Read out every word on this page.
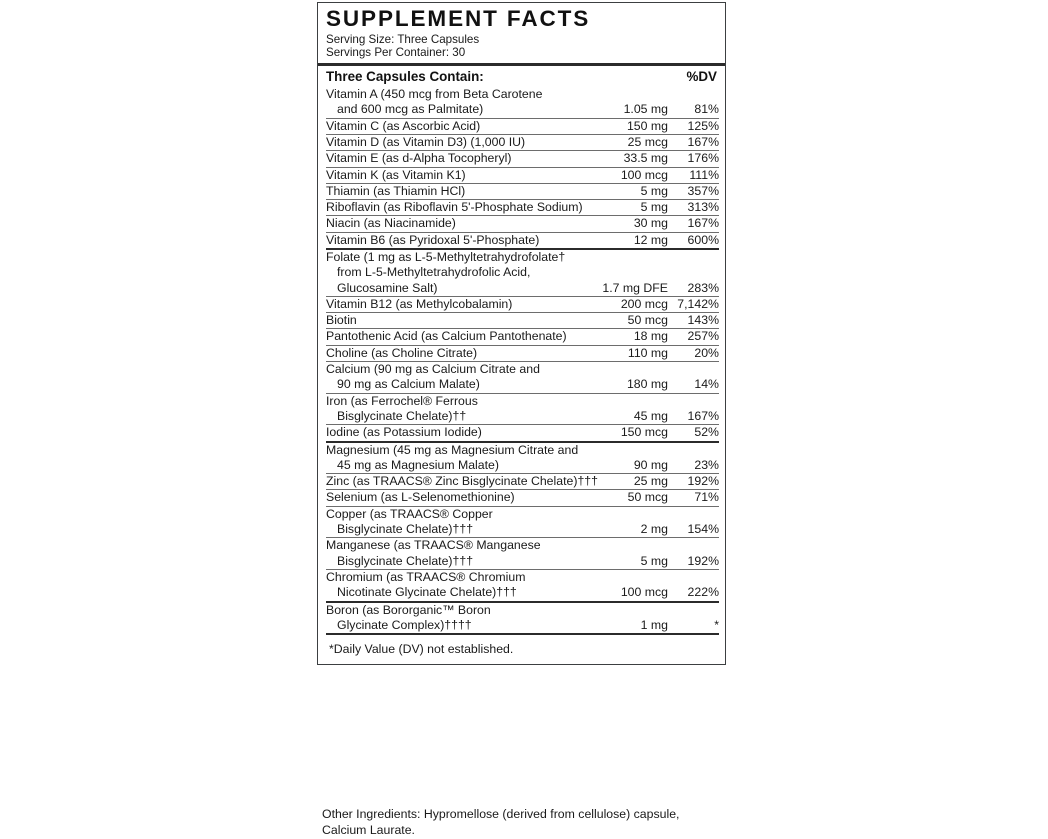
SUPPLEMENT FACTS
Serving Size: Three Capsules
Servings Per Container: 30
Three Capsules Contain:	%DV
Vitamin A (450 mcg from Beta Carotene
and 600 mcg as Palmitate)	1.05 mg	81%

Vitamin C (as Ascorbic Acid)	150 mg	125%

Vitamin D (as Vitamin D3) (1,000 IU)	25 mcg	167%

Vitamin E (as d-Alpha Tocopheryl)	33.5 mg	176%

Vitamin K (as Vitamin K1)	100 mcg	111%

Thiamin (as Thiamin HCl)	5 mg	357%

Riboflavin (as Riboflavin 5'-Phosphate Sodium)	5 mg	313%

Niacin (as Niacinamide)	30 mg	167%

Vitamin B6 (as Pyridoxal 5'-Phosphate)	12 mg	600%

Folate (1 mg as L-5-Methyltetrahydrofolate†
from L-5-Methyltetrahydrofolic Acid,
Glucosamine Salt)	1.7 mg DFE	283%

Vitamin B12 (as Methylcobalamin)	200 mcg	7,142%

Biotin	50 mcg	143%

Pantothenic Acid (as Calcium Pantothenate)	18 mg	257%

Choline (as Choline Citrate)	110 mg	20%

Calcium (90 mg as Calcium Citrate and
90 mg as Calcium Malate)	180 mg	14%

Iron (as Ferrochel® Ferrous
Bisglycinate Chelate)††	45 mg	167%

Iodine (as Potassium Iodide)	150 mcg	52%

Magnesium (45 mg as Magnesium Citrate and
45 mg as Magnesium Malate)	90 mg	23%

Zinc (as TRAACS® Zinc Bisglycinate Chelate)†††	25 mg	192%

Selenium (as L-Selenomethionine)	50 mcg	71%

Copper (as TRAACS® Copper
Bisglycinate Chelate)†††	2 mg	154%

Manganese (as TRAACS® Manganese
Bisglycinate Chelate)†††	5 mg	192%

Chromium (as TRAACS® Chromium
Nicotinate Glycinate Chelate)†††	100 mcg	222%

Boron (as Bororganic™ Boron
Glycinate Complex)††††	1 mg	*
*Daily Value (DV) not established.
Other Ingredients: Hypromellose (derived from cellulose) capsule,
Calcium Laurate.
